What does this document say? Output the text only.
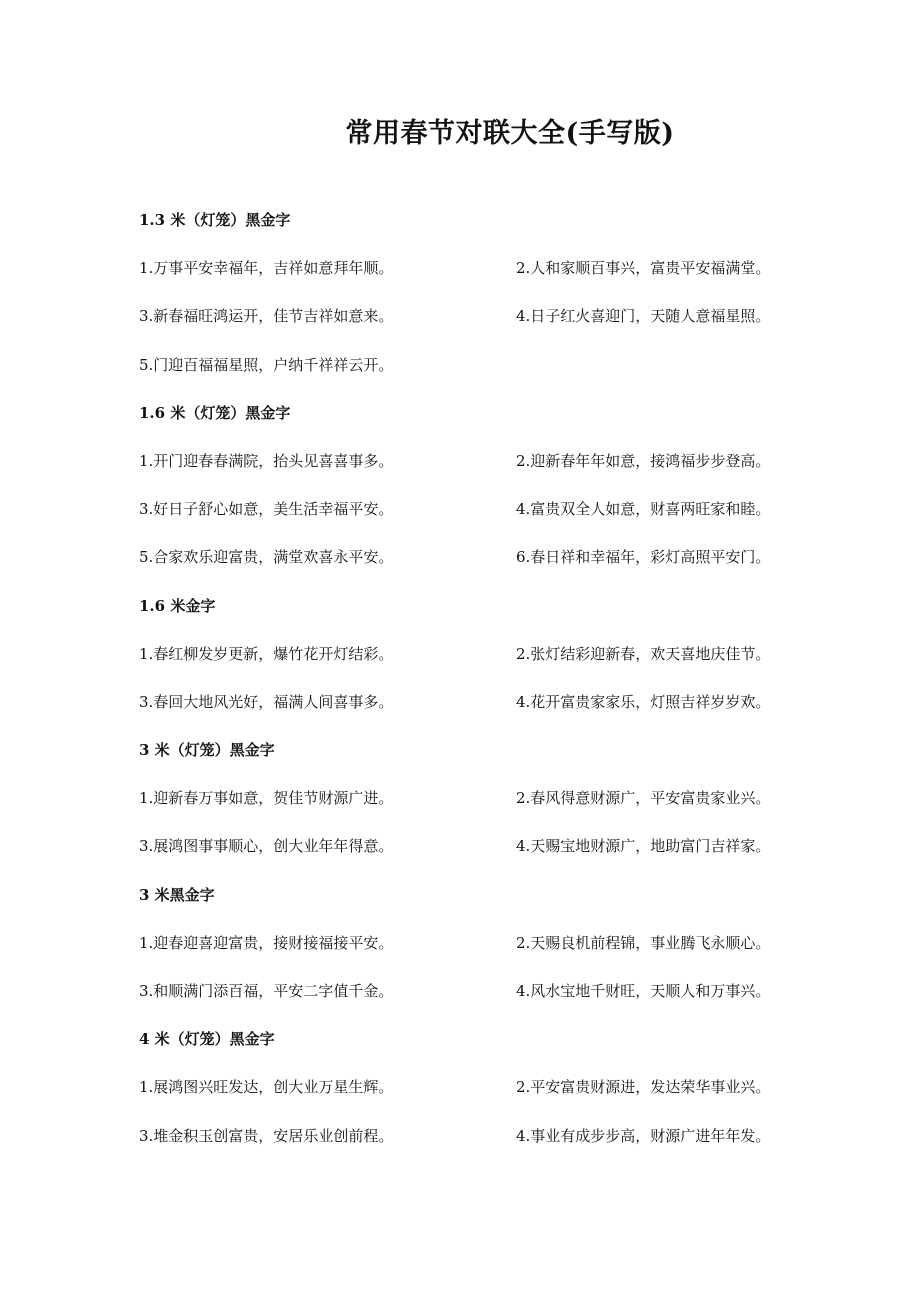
常用春节对联大全(手写版)
1.3 米（灯笼）黑金字
1.万事平安幸福年，吉祥如意拜年顺。	2.人和家顺百事兴，富贵平安福满堂。
3.新春福旺鸿运开，佳节吉祥如意来。	4.日子红火喜迎门，天随人意福星照。
5.门迎百福福星照，户纳千祥祥云开。
1.6 米（灯笼）黑金字
1.开门迎春春满院，抬头见喜喜事多。	2.迎新春年年如意，接鸿福步步登高。
3.好日子舒心如意，美生活幸福平安。	4.富贵双全人如意，财喜两旺家和睦。
5.合家欢乐迎富贵，满堂欢喜永平安。	6.春日祥和幸福年，彩灯高照平安门。
1.6 米金字
1.春红柳发岁更新，爆竹花开灯结彩。	2.张灯结彩迎新春，欢天喜地庆佳节。
3.春回大地风光好，福满人间喜事多。	4.花开富贵家家乐，灯照吉祥岁岁欢。
3 米（灯笼）黑金字
1.迎新春万事如意，贺佳节财源广进。	2.春风得意财源广，平安富贵家业兴。
3.展鸿图事事顺心，创大业年年得意。	4.天赐宝地财源广，地助富门吉祥家。
3 米黑金字
1.迎春迎喜迎富贵，接财接福接平安。	2.天赐良机前程锦，事业腾飞永顺心。
3.和顺满门添百福，平安二字值千金。	4.风水宝地千财旺，天顺人和万事兴。
4 米（灯笼）黑金字
1.展鸿图兴旺发达，创大业万星生辉。	2.平安富贵财源进，发达荣华事业兴。
3.堆金积玉创富贵，安居乐业创前程。	4.事业有成步步高，财源广进年年发。
